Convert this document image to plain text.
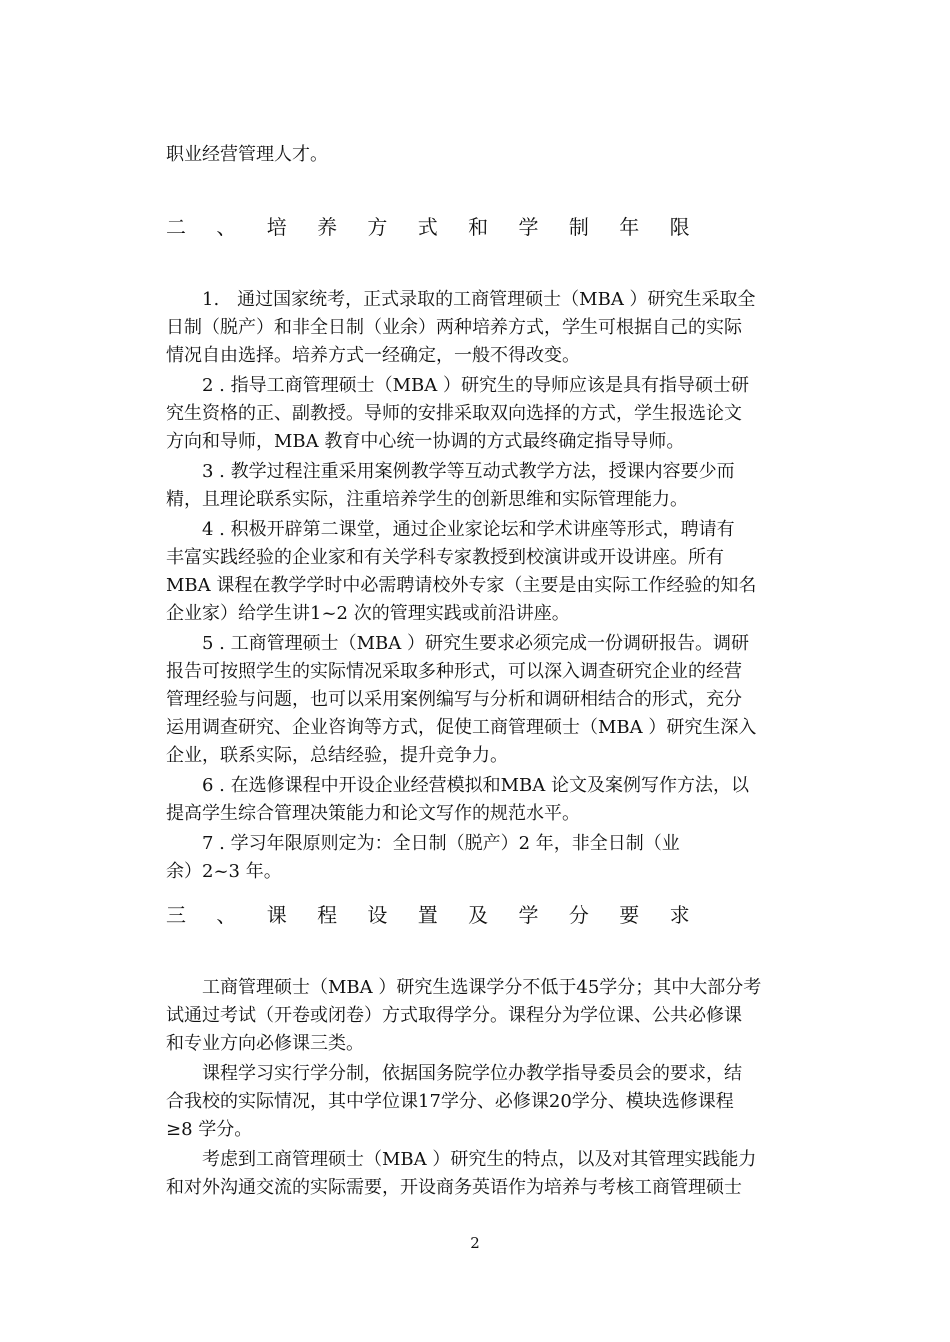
职业经营管理人才。
二 、 培 养 方 式 和 学 制 年 限
　　1.　通过国家统考，正式录取的工商管理硕士（MBA ）研究生采取全
日制（脱产）和非全日制（业余）两种培养方式，学生可根据自己的实际
情况自由选择。培养方式一经确定，一般不得改变。
　　2 . 指导工商管理硕士（MBA ）研究生的导师应该是具有指导硕士研
究生资格的正、副教授。导师的安排采取双向选择的方式，学生报选论文
方向和导师，MBA 教育中心统一协调的方式最终确定指导导师。
　　3 . 教学过程注重采用案例教学等互动式教学方法，授课内容要少而
精，且理论联系实际，注重培养学生的创新思维和实际管理能力。
　　4 . 积极开辟第二课堂，通过企业家论坛和学术讲座等形式，聘请有
丰富实践经验的企业家和有关学科专家教授到校演讲或开设讲座。所有
MBA 课程在教学学时中必需聘请校外专家（主要是由实际工作经验的知名
企业家）给学生讲1~2 次的管理实践或前沿讲座。
　　5 . 工商管理硕士（MBA ）研究生要求必须完成一份调研报告。调研
报告可按照学生的实际情况采取多种形式，可以深入调查研究企业的经营
管理经验与问题，也可以采用案例编写与分析和调研相结合的形式，充分
运用调查研究、企业咨询等方式，促使工商管理硕士（MBA ）研究生深入
企业，联系实际，总结经验，提升竞争力。
　　6 . 在选修课程中开设企业经营模拟和MBA 论文及案例写作方法，以
提高学生综合管理决策能力和论文写作的规范水平。
　　7 . 学习年限原则定为：全日制（脱产）2 年，非全日制（业
余）2~3 年。
三 、 课 程 设 置 及 学 分 要 求
　　工商管理硕士（MBA ）研究生选课学分不低于45学分；其中大部分考
试通过考试（开卷或闭卷）方式取得学分。课程分为学位课、公共必修课
和专业方向必修课三类。
　　课程学习实行学分制，依据国务院学位办教学指导委员会的要求，结
合我校的实际情况，其中学位课17学分、必修课20学分、模块选修课程
≥8 学分。
　　考虑到工商管理硕士（MBA ）研究生的特点，以及对其管理实践能力
和对外沟通交流的实际需要，开设商务英语作为培养与考核工商管理硕士
2
